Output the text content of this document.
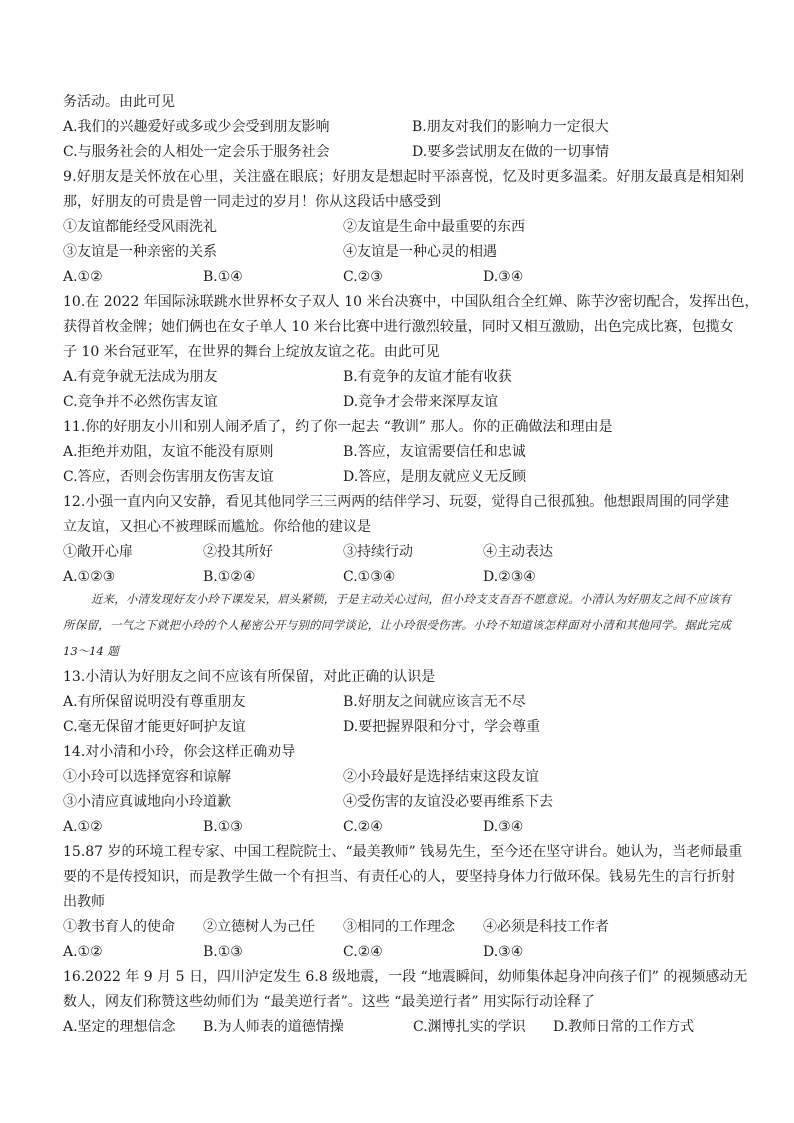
务活动。由此可见
A.我们的兴趣爱好或多或少会受到朋友影响	B.朋友对我们的影响力一定很大
C.与服务社会的人相处一定会乐于服务社会	D.要多尝试朋友在做的一切事情
9.好朋友是关怀放在心里，关注盛在眼底；好朋友是想起时平添喜悦，忆及时更多温柔。好朋友最真是相知剁
那，好朋友的可贵是曾一同走过的岁月！你从这段话中感受到
①友谊都能经受风雨洗礼	②友谊是生命中最重要的东西
③友谊是一种亲密的关系	④友谊是一种心灵的相遇
A.①②	B.①④	C.②③	D.③④
10.在 2022 年国际泳联跳水世界杯女子双人 10 米台决赛中，中国队组合全红婵、陈芋汐密切配合，发挥出色，
获得首枚金牌；她们俩也在女子单人 10 米台比赛中进行激烈较量，同时又相互激励，出色完成比赛，包揽女
子 10 米台冠亚军，在世界的舞台上绽放友谊之花。由此可见
A.有竞争就无法成为朋友	B.有竞争的友谊才能有收获
C.竞争并不必然伤害友谊	D.竞争才会带来深厚友谊
11.你的好朋友小川和别人闹矛盾了，约了你一起去 “教训” 那人。你的正确做法和理由是
A.拒绝并劝阻，友谊不能没有原则	B.答应，友谊需要信任和忠诚
C.答应，否则会伤害朋友伤害友谊	D.答应，是朋友就应义无反顾
12.小强一直内向又安静，看见其他同学三三两两的结伴学习、玩耍，觉得自己很孤独。他想跟周围的同学建
立友谊，又担心不被理睬而尴尬。你给他的建议是
①敞开心扉	②投其所好	③持续行动	④主动表达
A.①②③	B.①②④	C.①③④	D.②③④
近来，小清发现好友小玲下课发呆，眉头紧锁，于是主动关心过问，但小玲支支吾吾不愿意说。小清认为好朋友之间不应该有所保留，一气之下就把小玲的个人秘密公开与别的同学谈论，让小玲很受伤害。小玲不知道该怎样面对小清和其他同学。据此完成 13～14 题
13.小清认为好朋友之间不应该有所保留，对此正确的认识是
A.有所保留说明没有尊重朋友	B.好朋友之间就应该言无不尽
C.毫无保留才能更好呵护友谊	D.要把握界限和分寸，学会尊重
14.对小清和小玲，你会这样正确劝导
①小玲可以选择宽容和谅解	②小玲最好是选择结束这段友谊
③小清应真诚地向小玲道歉	④受伤害的友谊没必要再维系下去
A.①②	B.①③	C.②④	D.③④
15.87 岁的环境工程专家、中国工程院院士、“最美教师” 钱易先生，至今还在坚守讲台。她认为，当老师最重
要的不是传授知识，而是教学生做一个有担当、有责任心的人，要坚持身体力行做环保。钱易先生的言行折射
出教师
①教书育人的使命 ②立德树人为己任 ③相同的工作理念 ④必须是科技工作者
A.①②	B.①③	C.②④	D.③④
16.2022 年 9 月 5 日，四川泸定发生 6.8 级地震，一段 “地震瞬间，幼师集体起身冲向孩子们” 的视频感动无
数人，网友们称赞这些幼师们为 “最美逆行者”。这些 “最美逆行者” 用实际行动诠释了
A.坚定的理想信念 B.为人师表的道德情操	C.渊博扎实的学识 D.教师日常的工作方式
